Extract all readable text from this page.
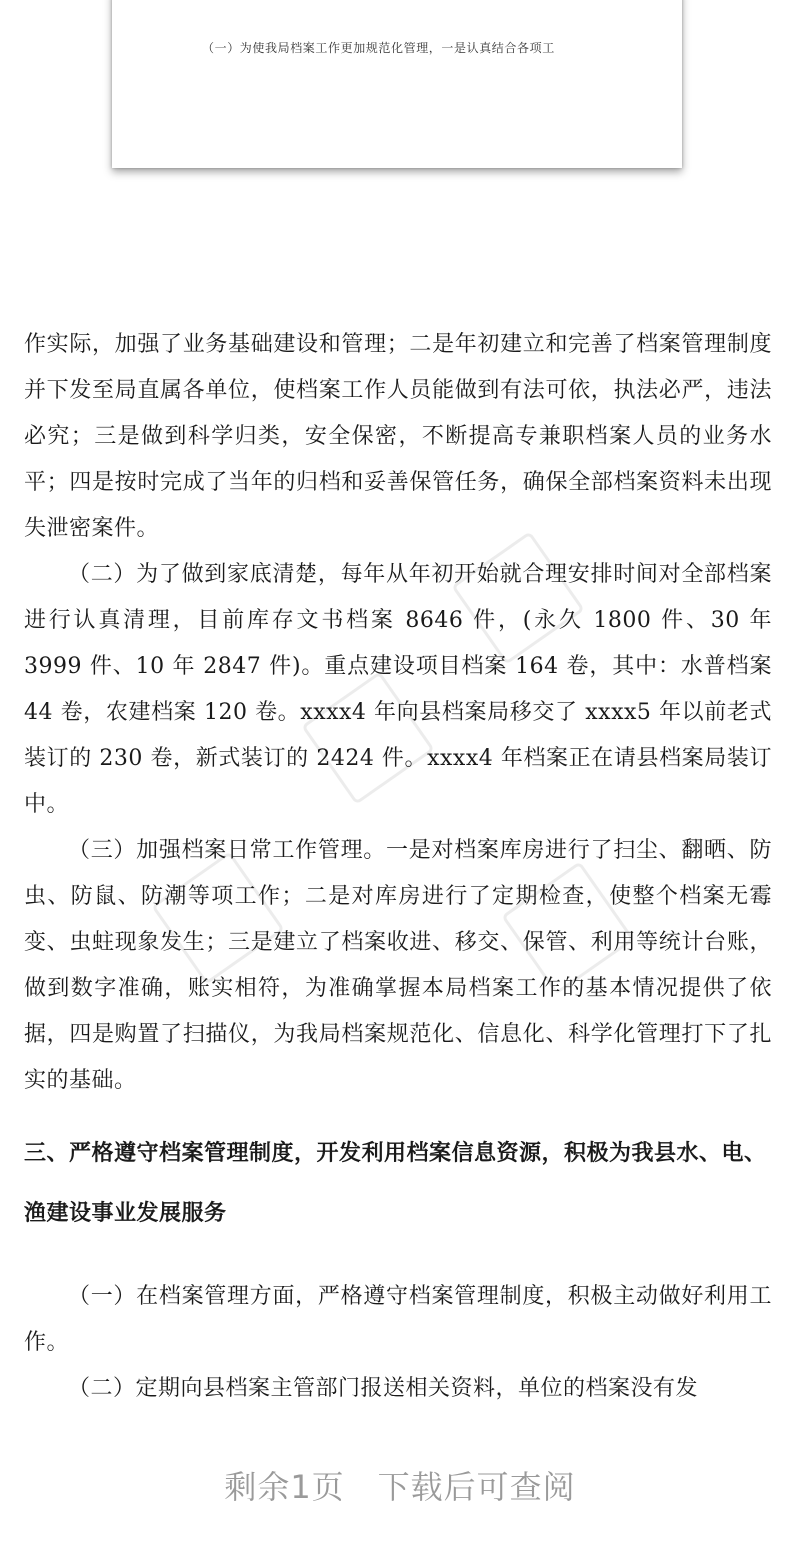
（一）为使我局档案工作更加规范化管理，一是认真结合各项工

作实际，加强了业务基础建设和管理；二是年初建立和完善了档案管理制度并下发至局直属各单位，使档案工作人员能做到有法可依，执法必严，违法必究；三是做到科学归类，安全保密，不断提高专兼职档案人员的业务水平；四是按时完成了当年的归档和妥善保管任务，确保全部档案资料未出现失泄密案件。

（二）为了做到家底清楚，每年从年初开始就合理安排时间对全部档案进行认真清理，目前库存文书档案 8646 件，(永久 1800 件、30 年 3999 件、10 年 2847 件)。重点建设项目档案 164 卷，其中：水普档案 44 卷，农建档案 120 卷。xxxx4 年向县档案局移交了 xxxx5 年以前老式装订的 230 卷，新式装订的 2424 件。xxxx4 年档案正在请县档案局装订中。

（三）加强档案日常工作管理。一是对档案库房进行了扫尘、翻晒、防虫、防鼠、防潮等项工作；二是对库房进行了定期检查，使整个档案无霉变、虫蛀现象发生；三是建立了档案收进、移交、保管、利用等统计台账，做到数字准确，账实相符，为准确掌握本局档案工作的基本情况提供了依据，四是购置了扫描仪，为我局档案规范化、信息化、科学化管理打下了扎实的基础。

三、严格遵守档案管理制度，开发利用档案信息资源，积极为我县水、电、渔建设事业发展服务

（一）在档案管理方面，严格遵守档案管理制度，积极主动做好利用工作。

（二）定期向县档案主管部门报送相关资料，单位的档案没有发

剩余1页　下载后可查阅
